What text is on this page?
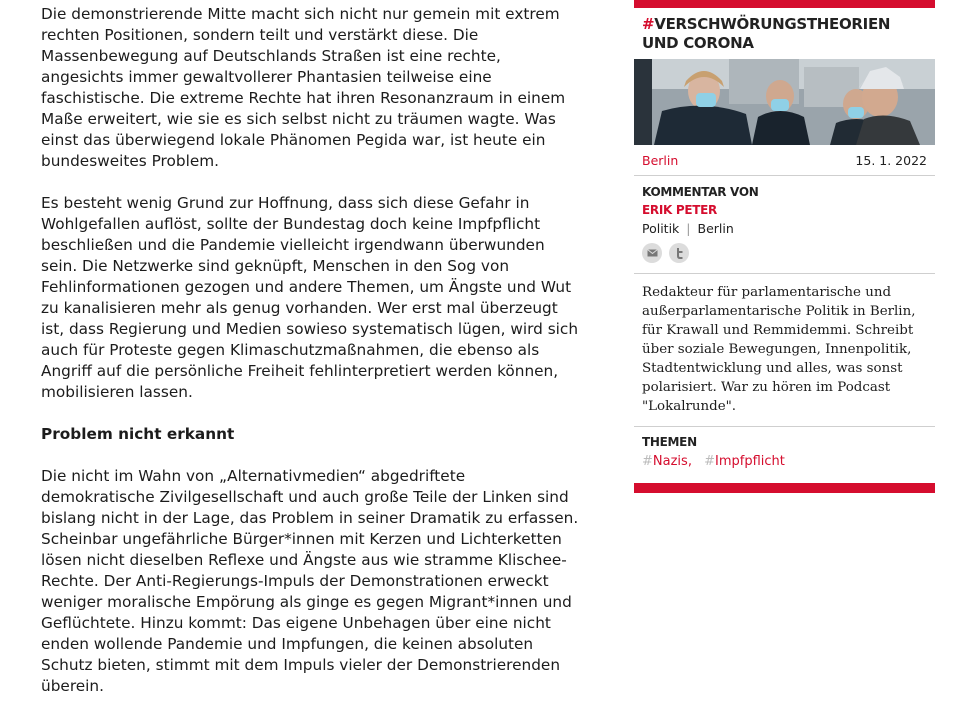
Die demonstrierende Mitte macht sich nicht nur gemein mit extrem rechten Positionen, sondern teilt und verstärkt diese. Die Massenbewegung auf Deutschlands Straßen ist eine rechte, angesichts immer gewaltvollerer Phantasien teilweise eine faschistische. Die extreme Rechte hat ihren Resonanzraum in einem Maße erweitert, wie sie es sich selbst nicht zu träumen wagte. Was einst das überwiegend lokale Phänomen Pegida war, ist heute ein bundesweites Problem.

Es besteht wenig Grund zur Hoffnung, dass sich diese Gefahr in Wohlgefallen auflöst, sollte der Bundestag doch keine Impfpflicht beschließen und die Pandemie vielleicht irgendwann überwunden sein. Die Netzwerke sind geknüpft, Menschen in den Sog von Fehlinformationen gezogen und andere Themen, um Ängste und Wut zu kanalisieren mehr als genug vorhanden. Wer erst mal überzeugt ist, dass Regierung und Medien sowieso systematisch lügen, wird sich auch für Proteste gegen Klimaschutzmaßnahmen, die ebenso als Angriff auf die persönliche Freiheit fehlinterpretiert werden können, mobilisieren lassen.

Problem nicht erkannt

Die nicht im Wahn von „Alternativmedien“ abgedriftete demokratische Zivilgesellschaft und auch große Teile der Linken sind bislang nicht in der Lage, das Problem in seiner Dramatik zu erfassen. Scheinbar ungefährliche Bürger*innen mit Kerzen und Lichterketten lösen nicht dieselben Reflexe und Ängste aus wie stramme Klischee-Rechte. Der Anti-Regierungs-Impuls der Demonstrationen erweckt weniger moralische Empörung als ginge es gegen Migrant*innen und Geflüchtete. Hinzu kommt: Das eigene Unbehagen über eine nicht enden wollende Pandemie und Impfungen, die keinen absoluten Schutz bieten, stimmt mit dem Impuls vieler der Demonstrierenden überein.

#VERSCHWÖRUNGSTHEORIEN UND CORONA
Berlin	15. 1. 2022
KOMMENTAR VON
ERIK PETER
Politik | Berlin
Redakteur für parlamentarische und außerparlamentarische Politik in Berlin, für Krawall und Remmidemmi. Schreibt über soziale Bewegungen, Innenpolitik, Stadtentwicklung und alles, was sonst polarisiert. War zu hören im Podcast "Lokalrunde".
THEMEN
#Nazis, #Impfpflicht
